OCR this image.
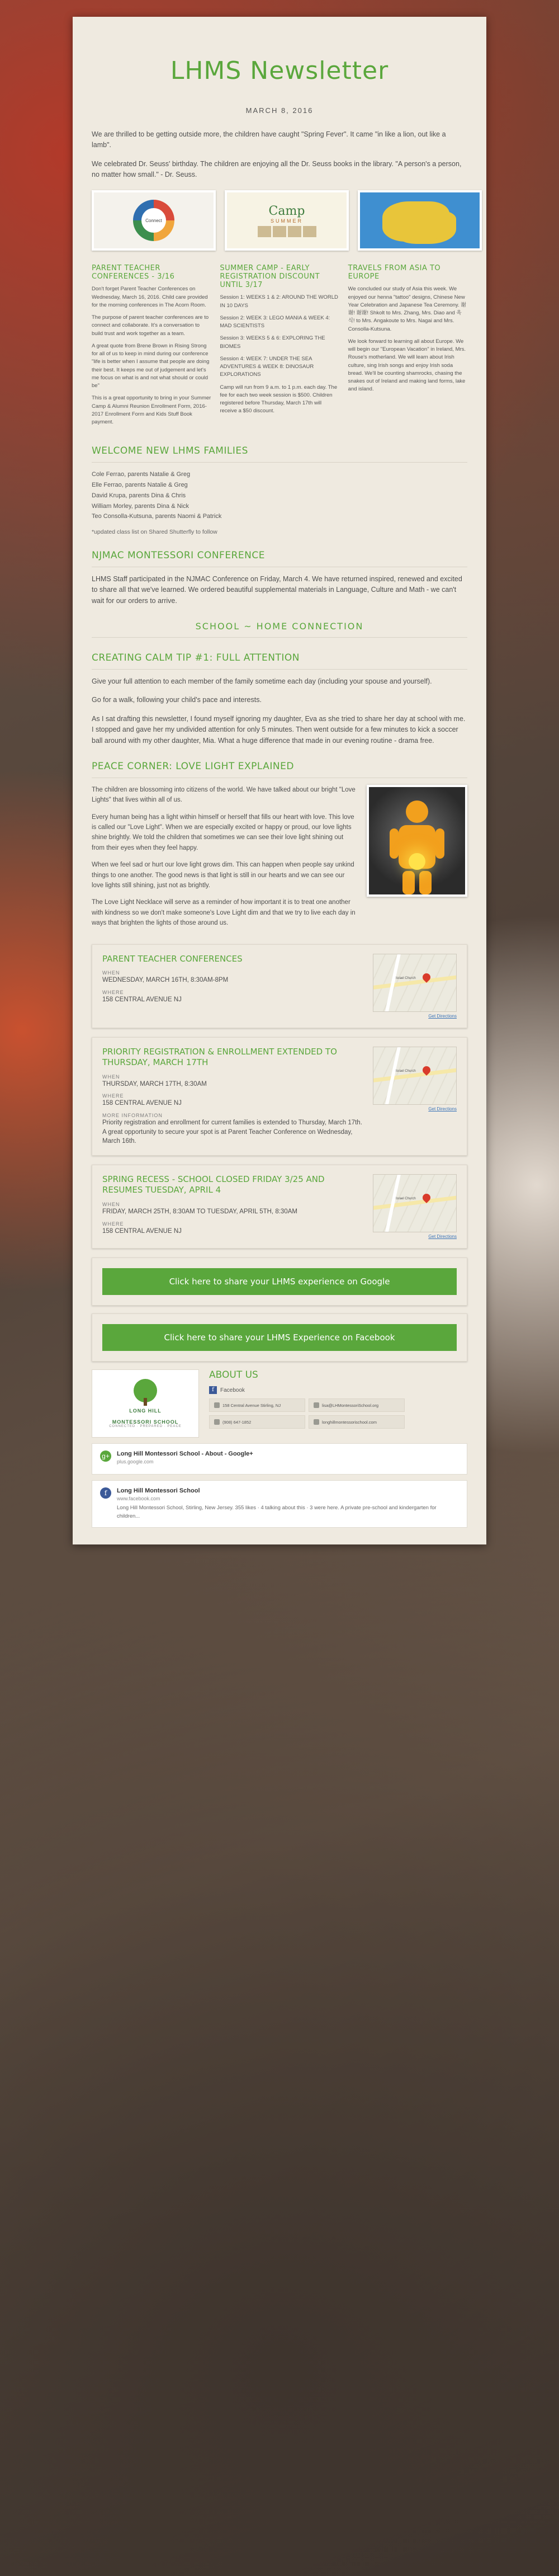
LHMS Newsletter
MARCH 8, 2016

We are thrilled to be getting outside more, the children have caught "Spring Fever". It came "in like a lion, out like a lamb".

We celebrated Dr. Seuss' birthday. The children are enjoying all the Dr. Seuss books in the library. "A person's a person, no matter how small." - Dr. Seuss.

Connect
Camp
SUMMER
PARENT TEACHER CONFERENCES - 3/16

Don't forget Parent Teacher Conferences on Wednesday, March 16, 2016. Child care provided for the morning conferences in The Acorn Room.

The purpose of parent teacher conferences are to connect and collaborate. It's a conversation to build trust and work together as a team.

A great quote from Brene Brown in Rising Strong for all of us to keep in mind during our conference "life is better when I assume that people are doing their best. It keeps me out of judgement and let's me focus on what is and not what should or could be"

This is a great opportunity to bring in your Summer Camp & Alumni Reunion Enrollment Form, 2016-2017 Enrollment Form and Kids Stuff Book payment.

SUMMER CAMP - EARLY REGISTRATION DISCOUNT UNTIL 3/17

Session 1: WEEKS 1 & 2: AROUND THE WORLD IN 10 DAYS

Session 2: WEEK 3: LEGO MANIA & WEEK 4: MAD SCIENTISTS

Session 3: WEEKS 5 & 6: EXPLORING THE BIOMES

Session 4: WEEK 7: UNDER THE SEA ADVENTURES & WEEK 8: DINOSAUR EXPLORATIONS

Camp will run from 9 a.m. to 1 p.m. each day. The fee for each two week session is $500. Children registered before Thursday, March 17th will receive a $50 discount.

TRAVELS FROM ASIA TO EUROPE

We concluded our study of Asia this week. We enjoyed our henna "tattoo" designs, Chinese New Year Celebration and Japanese Tea Ceremony. 谢谢! 谢谢! Shkolt to Mrs. Zhang, Mrs. Diao and 옥식! to Mrs. Angakoute to Mrs. Nagai and Mrs. Consolla-Kutsuna.

We look forward to learning all about Europe. We will begin our "European Vacation" in Ireland, Mrs. Rouse's motherland. We will learn about Irish culture, sing Irish songs and enjoy Irish soda bread. We'll be counting shamrocks, chasing the snakes out of Ireland and making land forms, lake and island.

WELCOME NEW LHMS FAMILIES
Cole Ferrao, parents Natalie & Greg
Elle Ferrao, parents Natalie & Greg
David Krupa, parents Dina & Chris
William Morley, parents Dina & Nick
Teo Consolla-Kutsuna, parents Naomi & Patrick

*updated class list on Shared Shutterfly to follow

NJMAC MONTESSORI CONFERENCE

LHMS Staff participated in the NJMAC Conference on Friday, March 4. We have returned inspired, renewed and excited to share all that we've learned. We ordered beautiful supplemental materials in Language, Culture and Math - we can't wait for our orders to arrive.

SCHOOL ~ HOME CONNECTION
CREATING CALM TIP #1: FULL ATTENTION

Give your full attention to each member of the family sometime each day (including your spouse and yourself).

Go for a walk, following your child's pace and interests.

As I sat drafting this newsletter, I found myself ignoring my daughter, Eva as she tried to share her day at school with me. I stopped and gave her my undivided attention for only 5 minutes. Then went outside for a few minutes to kick a soccer ball around with my other daughter, Mia. What a huge difference that made in our evening routine - drama free.

PEACE CORNER: LOVE LIGHT EXPLAINED

The children are blossoming into citizens of the world. We have talked about our bright "Love Lights" that lives within all of us.

Every human being has a light within himself or herself that fills our heart with love. This love is called our "Love Light". When we are especially excited or happy or proud, our love lights shine brightly. We told the children that sometimes we can see their love light shining out from their eyes when they feel happy.

When we feel sad or hurt our love light grows dim. This can happen when people say unkind things to one another. The good news is that light is still in our hearts and we can see our love lights still shining, just not as brightly.

The Love Light Necklace will serve as a reminder of how important it is to treat one another with kindness so we don't make someone's Love Light dim and that we try to live each day in ways that brighten the lights of those around us.

PARENT TEACHER CONFERENCES
WHEN
WEDNESDAY, MARCH 16TH, 8:30AM-8PM
WHERE
158 CENTRAL AVENUE NJ
Israel Church
Get Directions
PRIORITY REGISTRATION & ENROLLMENT EXTENDED TO THURSDAY, MARCH 17TH
WHEN
THURSDAY, MARCH 17TH, 8:30AM
WHERE
158 CENTRAL AVENUE NJ
MORE INFORMATION
Priority registration and enrollment for current families is extended to Thursday, March 17th. A great opportunity to secure your spot is at Parent Teacher Conference on Wednesday, March 16th.
Israel Church
Get Directions
SPRING RECESS - SCHOOL CLOSED FRIDAY 3/25 AND RESUMES TUESDAY, APRIL 4
WHEN
FRIDAY, MARCH 25TH, 8:30AM TO TUESDAY, APRIL 5TH, 8:30AM
WHERE
158 CENTRAL AVENUE NJ
Israel Church
Get Directions
Click here to share your LHMS experience on Google
Click here to share your LHMS Experience on Facebook
LONG HILL
MONTESSORI SCHOOL
CONNECTED · PREPARED · PEACE
ABOUT US
f	Facebook
158 Central Avenue Stirling, NJ	lisa@LHMontessoriSchool.org
(908) 647-1852	longhillmontessorischool.com
g+ Long Hill Montessori School - About - Google+
plus.google.com
f	Long Hill Montessori School
www.facebook.com
Long Hill Montessori School, Stirling, New Jersey. 355 likes · 4 talking about this · 3 were here. A private pre-school and kindergarten for children...
